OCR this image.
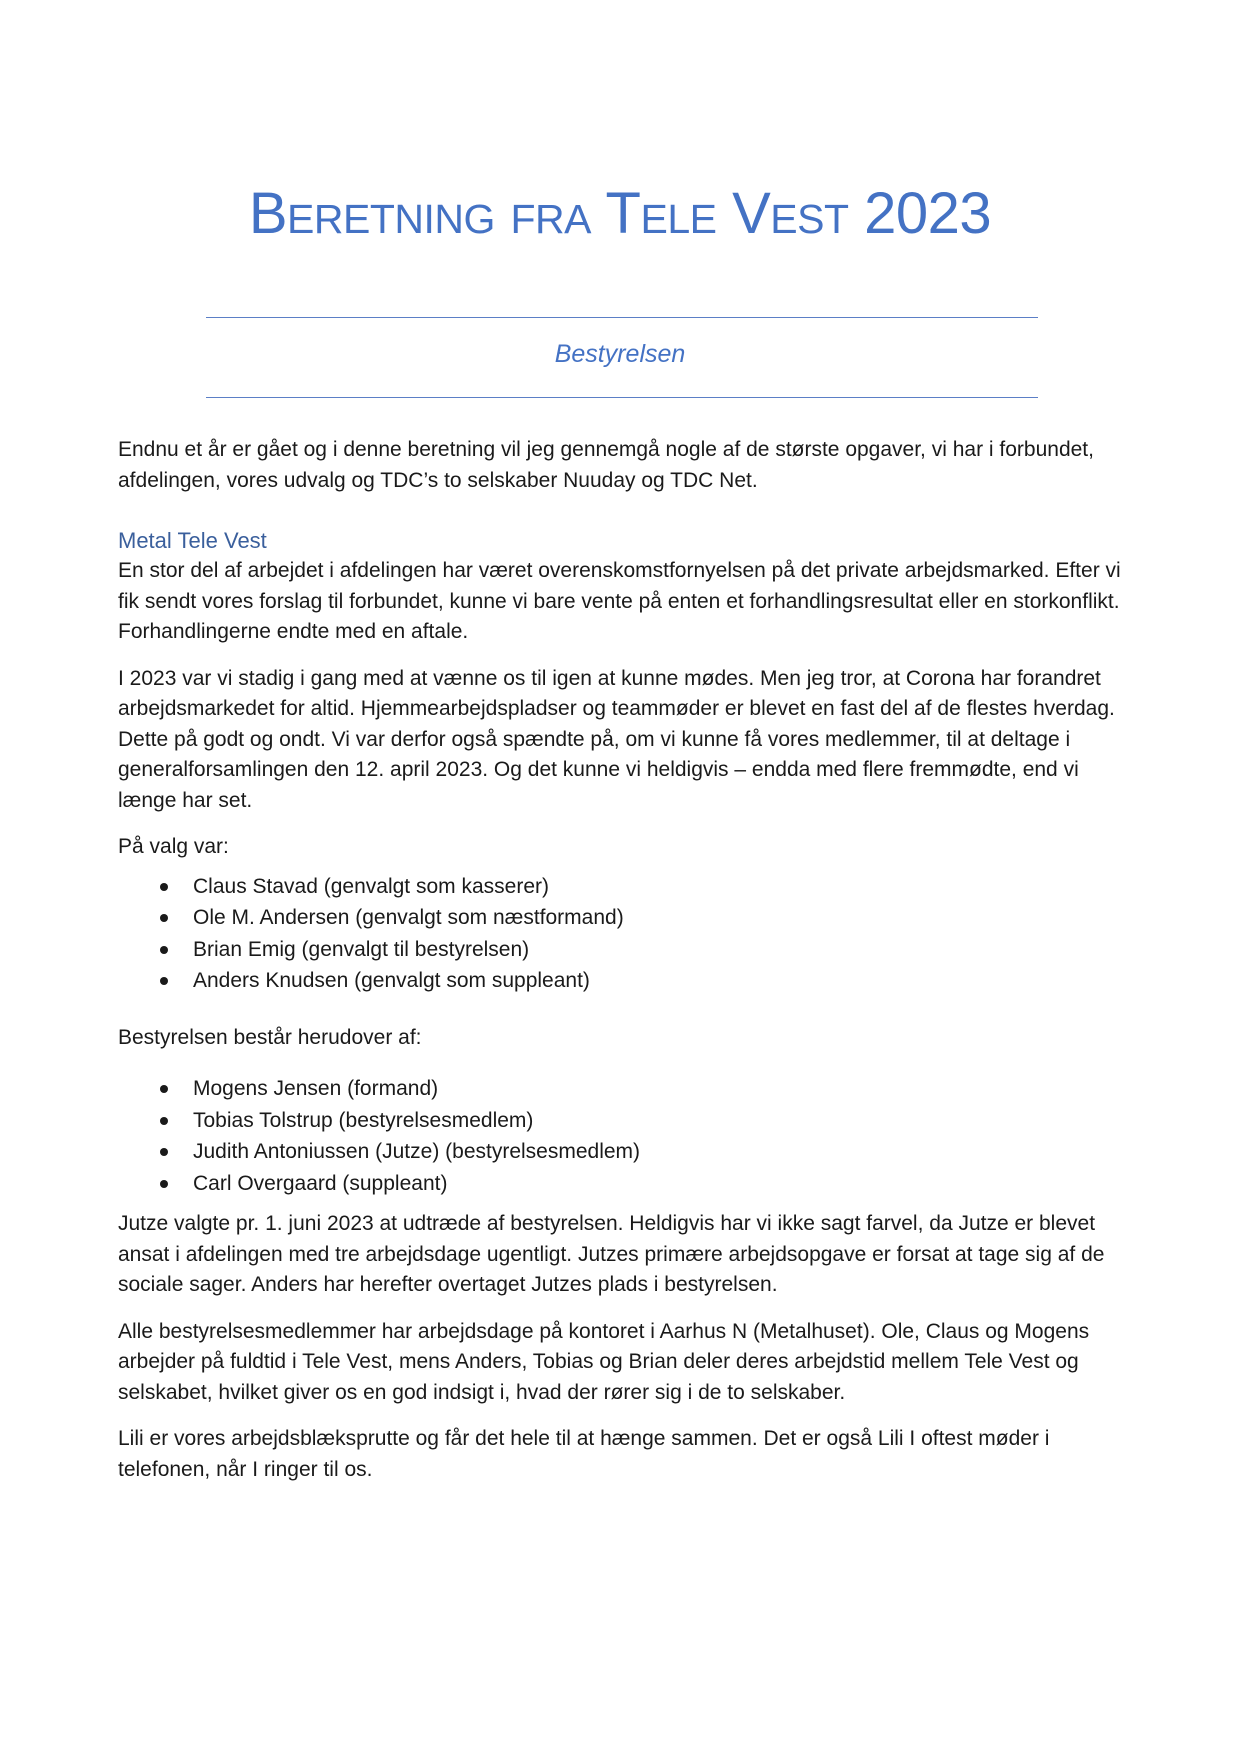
Beretning fra Tele Vest 2023

Bestyrelsen

Endnu et år er gået og i denne beretning vil jeg gennemgå nogle af de største opgaver, vi har i forbundet, afdelingen, vores udvalg og TDC’s to selskaber Nuuday og TDC Net.

Metal Tele Vest

En stor del af arbejdet i afdelingen har været overenskomstfornyelsen på det private arbejdsmarked. Efter vi fik sendt vores forslag til forbundet, kunne vi bare vente på enten et forhandlingsresultat eller en storkonflikt. Forhandlingerne endte med en aftale.

I 2023 var vi stadig i gang med at vænne os til igen at kunne mødes. Men jeg tror, at Corona har forandret arbejdsmarkedet for altid. Hjemmearbejdspladser og teammøder er blevet en fast del af de flestes hverdag. Dette på godt og ondt. Vi var derfor også spændte på, om vi kunne få vores medlemmer, til at deltage i generalforsamlingen den 12. april 2023. Og det kunne vi heldigvis – endda med flere fremmødte, end vi længe har set.

På valg var:

Claus Stavad (genvalgt som kasserer)
Ole M. Andersen (genvalgt som næstformand)
Brian Emig (genvalgt til bestyrelsen)
Anders Knudsen (genvalgt som suppleant)

Bestyrelsen består herudover af:

Mogens Jensen (formand)
Tobias Tolstrup (bestyrelsesmedlem)
Judith Antoniussen (Jutze) (bestyrelsesmedlem)
Carl Overgaard (suppleant)

Jutze valgte pr. 1. juni 2023 at udtræde af bestyrelsen. Heldigvis har vi ikke sagt farvel, da Jutze er blevet ansat i afdelingen med tre arbejdsdage ugentligt. Jutzes primære arbejdsopgave er forsat at tage sig af de sociale sager. Anders har herefter overtaget Jutzes plads i bestyrelsen.

Alle bestyrelsesmedlemmer har arbejdsdage på kontoret i Aarhus N (Metalhuset). Ole, Claus og Mogens arbejder på fuldtid i Tele Vest, mens Anders, Tobias og Brian deler deres arbejdstid mellem Tele Vest og selskabet, hvilket giver os en god indsigt i, hvad der rører sig i de to selskaber.

Lili er vores arbejdsblæksprutte og får det hele til at hænge sammen. Det er også Lili I oftest møder i telefonen, når I ringer til os.
